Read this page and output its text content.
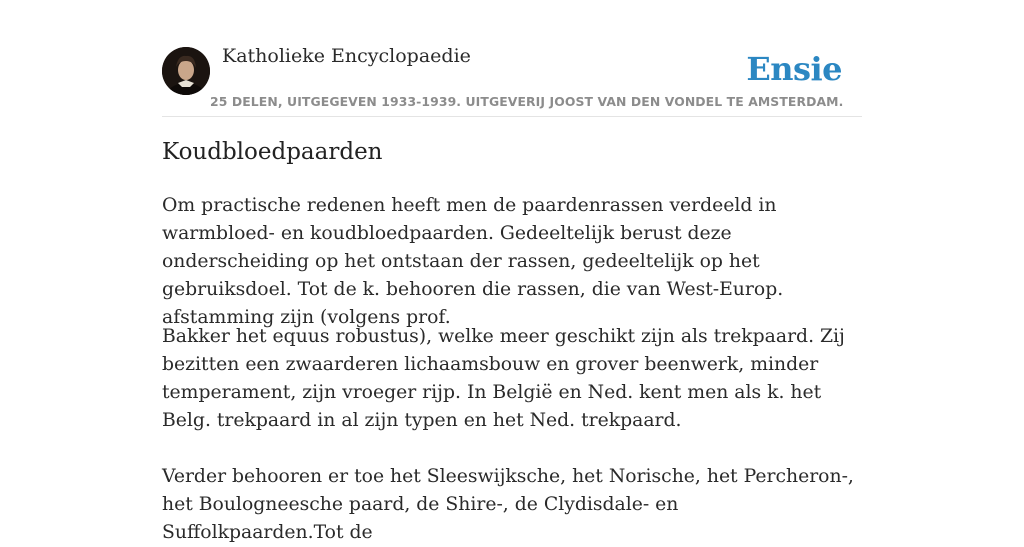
Katholieke Encyclopaedie
25 DELEN, UITGEGEVEN 1933-1939. UITGEVERIJ JOOST VAN DEN VONDEL TE AMSTERDAM.
Ensie
Koudbloedpaarden

Om practische redenen heeft men de paardenrassen verdeeld in warmbloed- en koudbloedpaarden. Gedeeltelijk berust deze onderscheiding op het ontstaan der rassen, gedeeltelijk op het gebruiksdoel. Tot de k. behooren die rassen, die van West-Europ. afstamming zijn (volgens prof.

Bakker het equus robustus), welke meer geschikt zijn als trekpaard. Zij bezitten een zwaarderen lichaamsbouw en grover beenwerk, minder temperament, zijn vroeger rijp. In België en Ned. kent men als k. het Belg. trekpaard in al zijn typen en het Ned. trekpaard.

Verder behooren er toe het Sleeswijksche, het Norische, het Percheron-, het Boulogneesche paard, de Shire-, de Clydisdale- en Suffolkpaarden.Tot de
